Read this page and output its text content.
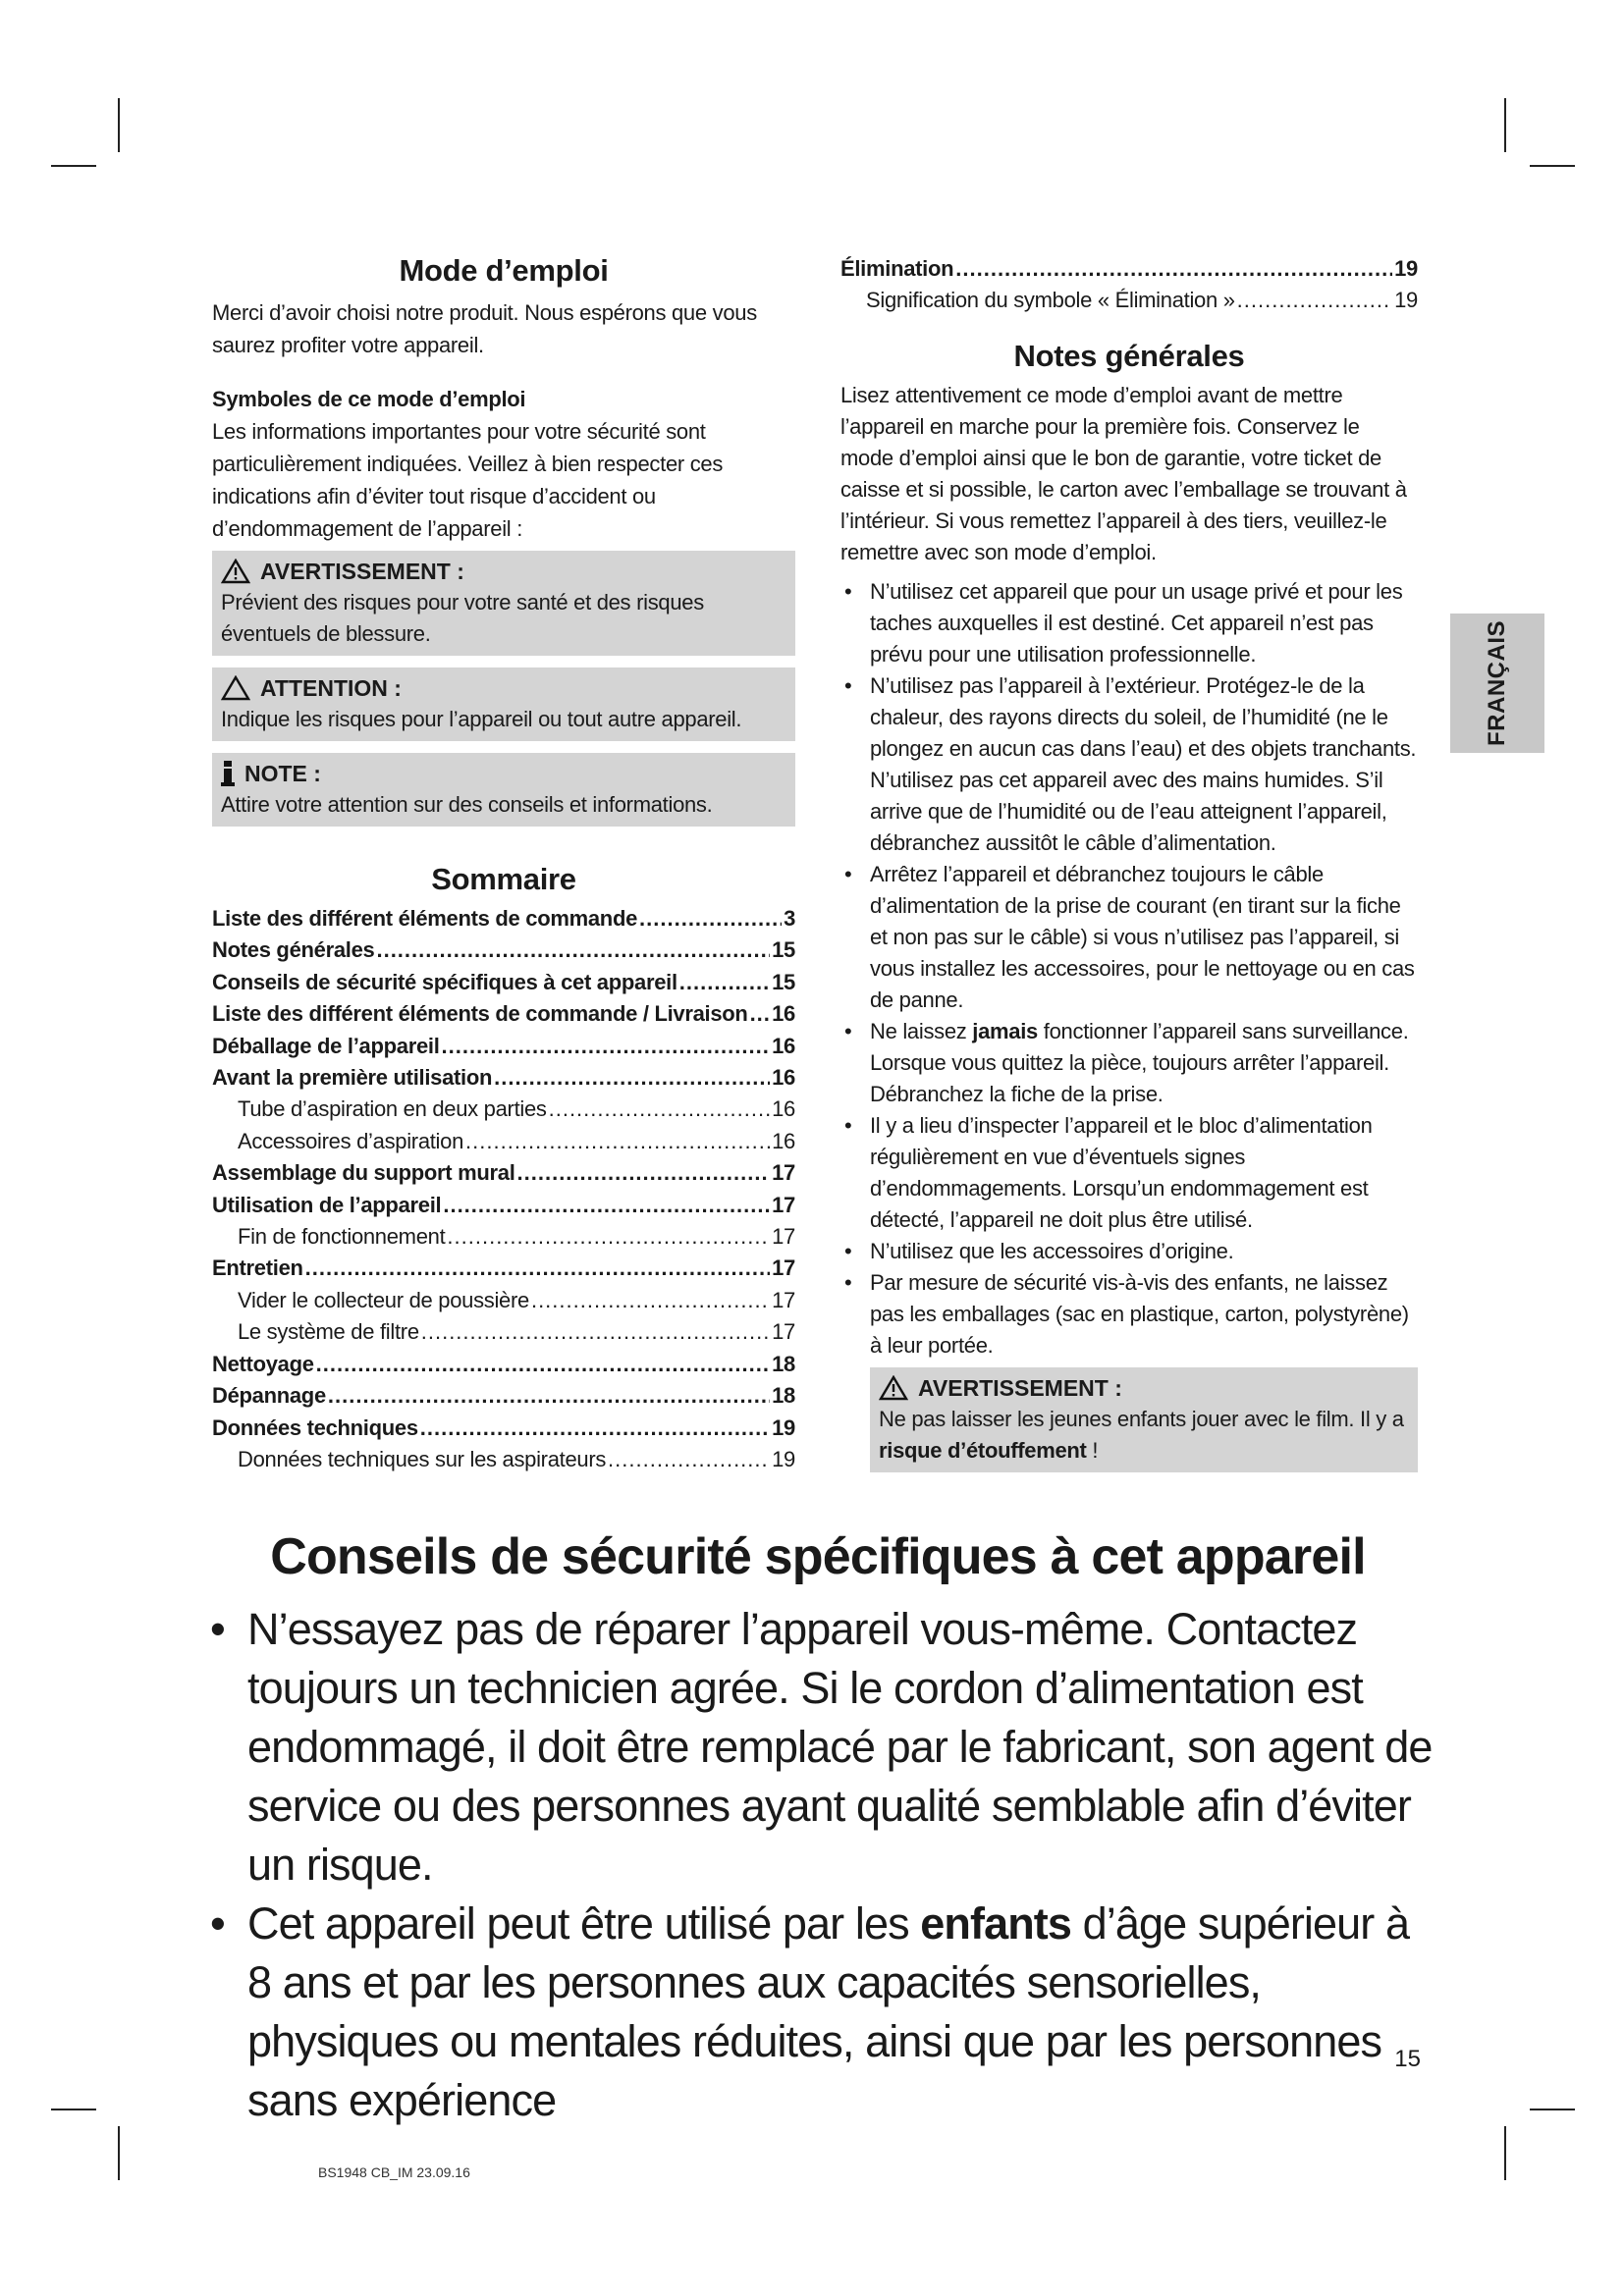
FRANÇAIS
Mode d’emploi

Merci d’avoir choisi notre produit. Nous espérons que vous saurez profiter votre appareil.

Symboles de ce mode d’emploi

Les informations importantes pour votre sécurité sont particulièrement indiquées. Veillez à bien respecter ces indications afin d’éviter tout risque d’accident ou d’endommagement de l’appareil :

AVERTISSEMENT :
Prévient des risques pour votre santé et des risques éventuels de blessure.
ATTENTION :
Indique les risques pour l’appareil ou tout autre appareil.
NOTE :
Attire votre attention sur des conseils et informations.
Sommaire
Liste des différent éléments de commande .....	3
Notes générales .....	15
Conseils de sécurité spécifiques à cet appareil .....	15
Liste des différent éléments de commande / Livraison ..... 16
Déballage de l’appareil .....	16
Avant la première utilisation .....	16
Tube d’aspiration en deux parties .....	16
Accessoires d’aspiration .....	16
Assemblage du support mural .....	17
Utilisation de l’appareil .....	17
Fin de fonctionnement .....	17
Entretien .....	17
Vider le collecteur de poussière .....	17
Le système de filtre .....	17
Nettoyage .....	18
Dépannage .....	18
Données techniques .....	19
Données techniques sur les aspirateurs .....	19
Élimination .....	19
Signification du symbole « Élimination » .....	19
Notes générales

Lisez attentivement ce mode d’emploi avant de mettre l’appareil en marche pour la première fois. Conservez le mode d’emploi ainsi que le bon de garantie, votre ticket de caisse et si possible, le carton avec l’emballage se trouvant à l’intérieur. Si vous remettez l’appareil à des tiers, veuillez-le remettre avec son mode d’emploi.

• N’utilisez cet appareil que pour un usage privé et pour les taches auxquelles il est destiné. Cet appareil n’est pas prévu pour une utilisation professionnelle.
• N’utilisez pas l’appareil à l’extérieur. Protégez-le de la chaleur, des rayons directs du soleil, de l’humidité (ne le plongez en aucun cas dans l’eau) et des objets tranchants. N’utilisez pas cet appareil avec des mains humides. S’il arrive que de l’humidité ou de l’eau atteignent l’appareil, débranchez aussitôt le câble d’alimentation.
• Arrêtez l’appareil et débranchez toujours le câble d’alimentation de la prise de courant (en tirant sur la fiche et non pas sur le câble) si vous n’utilisez pas l’appareil, si vous installez les accessoires, pour le nettoyage ou en cas de panne.
• Ne laissez jamais fonctionner l’appareil sans surveillance. Lorsque vous quittez la pièce, toujours arrêter l’appareil. Débranchez la fiche de la prise.
• Il y a lieu d’inspecter l’appareil et le bloc d’alimentation régulièrement en vue d’éventuels signes d’endommagements. Lorsqu’un endommagement est détecté, l’appareil ne doit plus être utilisé.
• N’utilisez que les accessoires d’origine.
• Par mesure de sécurité vis-à-vis des enfants, ne laissez pas les emballages (sac en plastique, carton, polystyrène) à leur portée.
AVERTISSEMENT :
Ne pas laisser les jeunes enfants jouer avec le film. Il y a risque d’étouffement !
Conseils de sécurité spécifiques à cet appareil
• N’essayez pas de réparer l’appareil vous-même. Contactez toujours un technicien agrée. Si le cordon d’alimentation est endommagé, il doit être remplacé par le fabricant, son agent de service ou des personnes ayant qualité semblable afin d’éviter un risque.
• Cet appareil peut être utilisé par les enfants d’âge supérieur à 8 ans et par les personnes aux capacités sensorielles, physiques ou mentales réduites, ainsi que par les personnes sans expérience
15
BS1948 CB_IM 23.09.16
